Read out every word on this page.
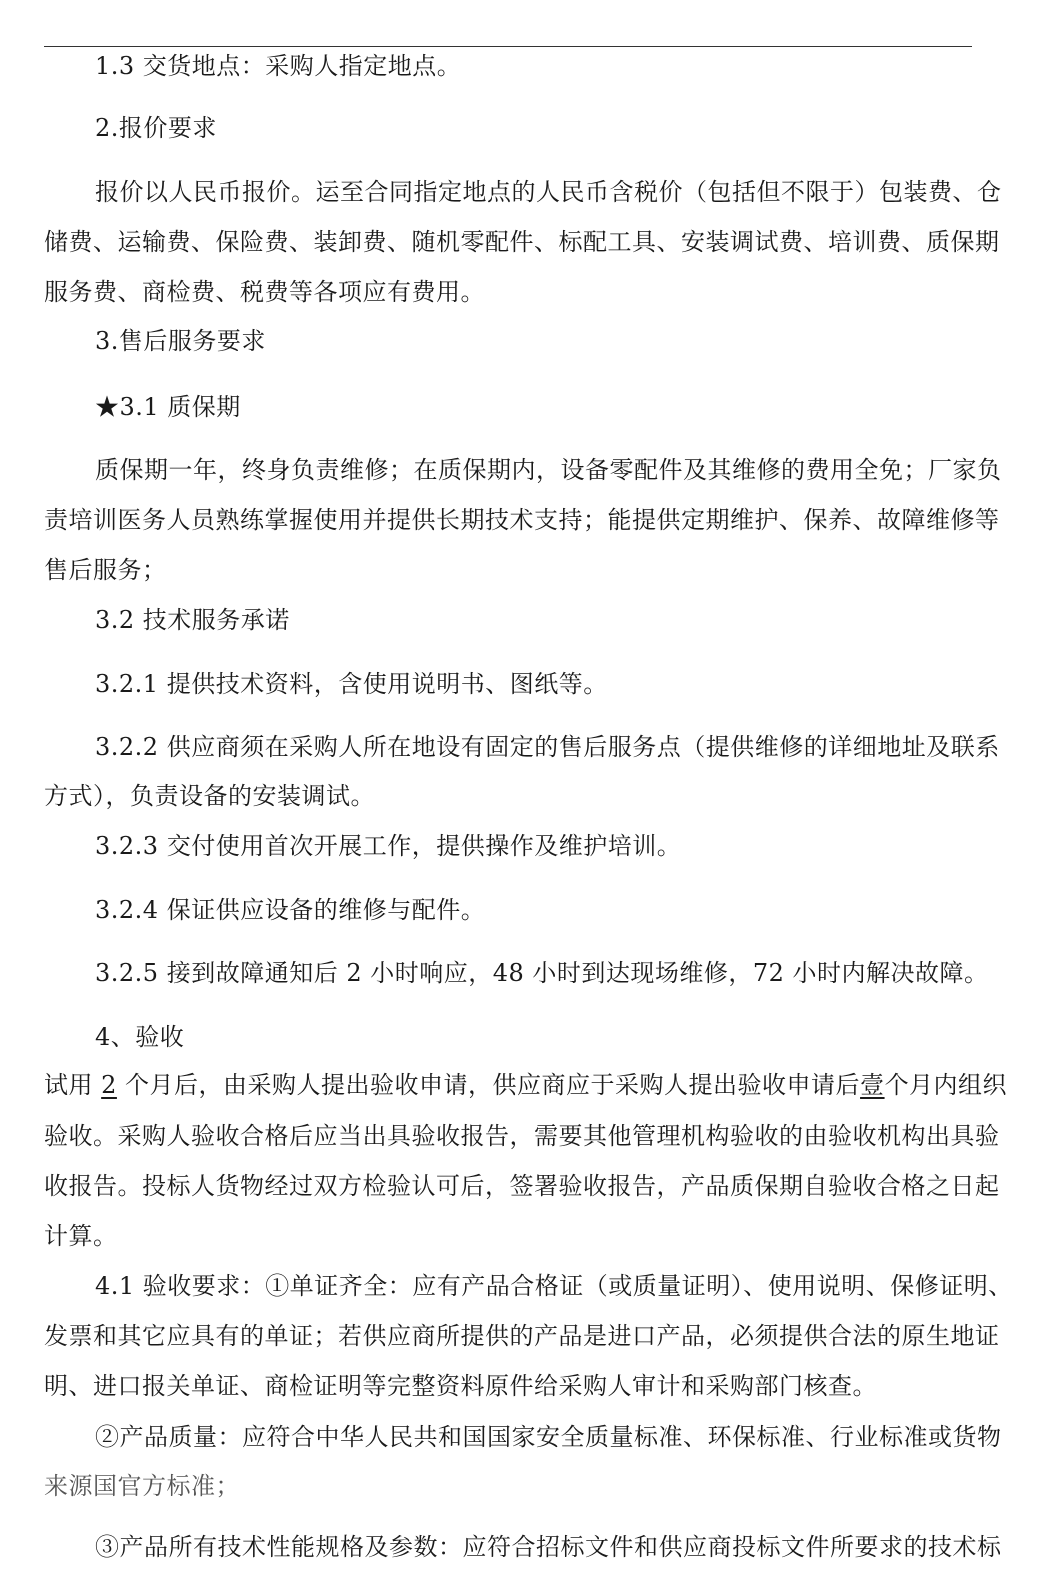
1.3 交货地点：采购人指定地点。

2.报价要求

报价以人民币报价。运至合同指定地点的人民币含税价（包括但不限于）包装费、仓

储费、运输费、保险费、装卸费、随机零配件、标配工具、安装调试费、培训费、质保期

服务费、商检费、税费等各项应有费用。

3.售后服务要求

★3.1 质保期

质保期一年，终身负责维修；在质保期内，设备零配件及其维修的费用全免；厂家负

责培训医务人员熟练掌握使用并提供长期技术支持；能提供定期维护、保养、故障维修等

售后服务；

3.2 技术服务承诺

3.2.1 提供技术资料，含使用说明书、图纸等。

3.2.2 供应商须在采购人所在地设有固定的售后服务点（提供维修的详细地址及联系

方式），负责设备的安装调试。

3.2.3 交付使用首次开展工作，提供操作及维护培训。

3.2.4 保证供应设备的维修与配件。

3.2.5 接到故障通知后 2 小时响应，48 小时到达现场维修，72 小时内解决故障。

4、验收

试用 2 个月后，由采购人提出验收申请，供应商应于采购人提出验收申请后壹个月内组织

验收。采购人验收合格后应当出具验收报告，需要其他管理机构验收的由验收机构出具验

收报告。投标人货物经过双方检验认可后，签署验收报告，产品质保期自验收合格之日起

计算。

4.1 验收要求：①单证齐全：应有产品合格证（或质量证明）、使用说明、保修证明、

发票和其它应具有的单证；若供应商所提供的产品是进口产品，必须提供合法的原生地证

明、进口报关单证、商检证明等完整资料原件给采购人审计和采购部门核查。

②产品质量：应符合中华人民共和国国家安全质量标准、环保标准、行业标准或货物

来源国官方标准；

③产品所有技术性能规格及参数：应符合招标文件和供应商投标文件所要求的技术标
